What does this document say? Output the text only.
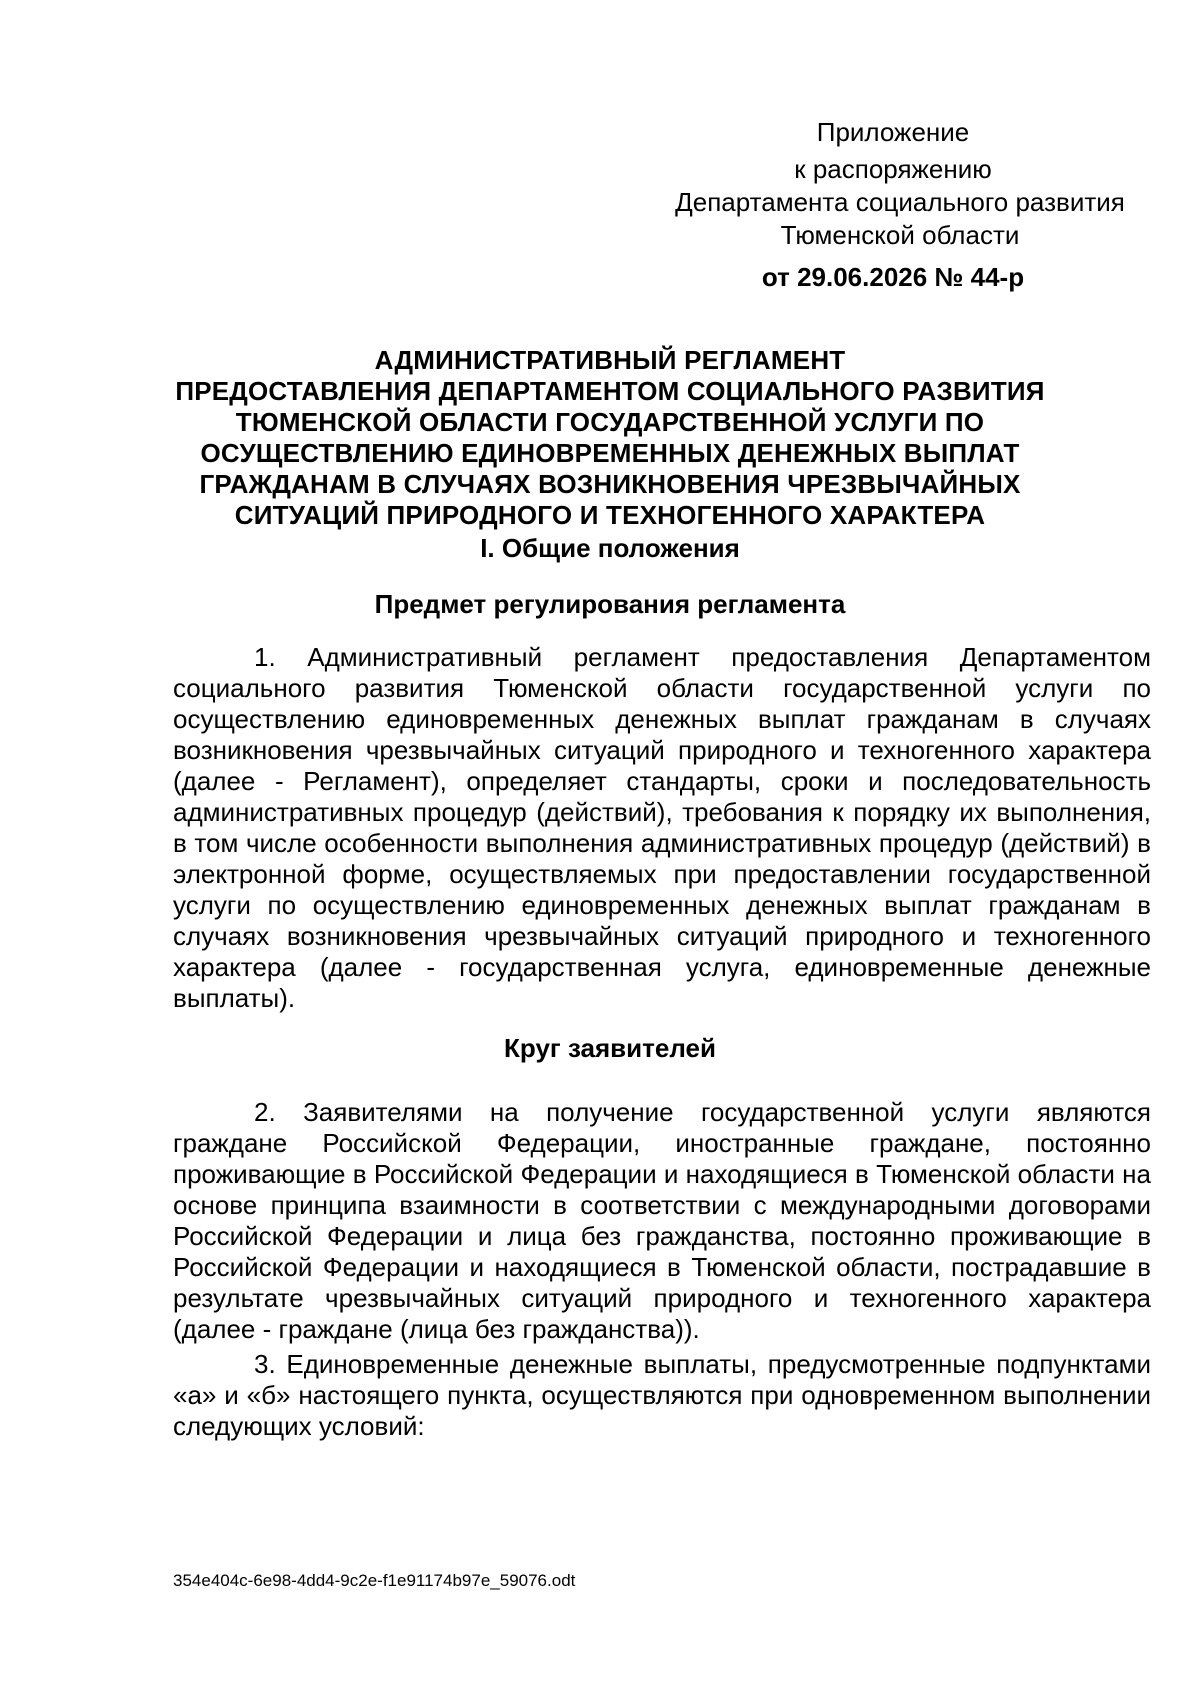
Приложение
к распоряжению
Департамента социального развития
Тюменской области
от 29.06.2026 № 44-р
АДМИНИСТРАТИВНЫЙ РЕГЛАМЕНТ
ПРЕДОСТАВЛЕНИЯ ДЕПАРТАМЕНТОМ СОЦИАЛЬНОГО РАЗВИТИЯ
ТЮМЕНСКОЙ ОБЛАСТИ ГОСУДАРСТВЕННОЙ УСЛУГИ ПО
ОСУЩЕСТВЛЕНИЮ ЕДИНОВРЕМЕННЫХ ДЕНЕЖНЫХ ВЫПЛАТ
ГРАЖДАНАМ В СЛУЧАЯХ ВОЗНИКНОВЕНИЯ ЧРЕЗВЫЧАЙНЫХ
СИТУАЦИЙ ПРИРОДНОГО И ТЕХНОГЕННОГО ХАРАКТЕРА
I. Общие положения
Предмет регулирования регламента

1. Административный регламент предоставления Департаментом социального развития Тюменской области государственной услуги по осуществлению единовременных денежных выплат гражданам в случаях возникновения чрезвычайных ситуаций природного и техногенного характера (далее - Регламент), определяет стандарты, сроки и последовательность административных процедур (действий), требования к порядку их выполнения, в том числе особенности выполнения административных процедур (действий) в электронной форме, осуществляемых при предоставлении государственной услуги по осуществлению единовременных денежных выплат гражданам в случаях возникновения чрезвычайных ситуаций природного и техногенного характера (далее - государственная услуга, единовременные денежные выплаты).

Круг заявителей

2. Заявителями на получение государственной услуги являются граждане Российской Федерации, иностранные граждане, постоянно проживающие в Российской Федерации и находящиеся в Тюменской области на основе принципа взаимности в соответствии с международными договорами Российской Федерации и лица без гражданства, постоянно проживающие в Российской Федерации и находящиеся в Тюменской области, пострадавшие в результате чрезвычайных ситуаций природного и техногенного характера (далее - граждане (лица без гражданства)).

3. Единовременные денежные выплаты, предусмотренные подпунктами «а» и «б» настоящего пункта, осуществляются при одновременном выполнении следующих условий:

354e404c-6e98-4dd4-9c2e-f1e91174b97e_59076.odt
